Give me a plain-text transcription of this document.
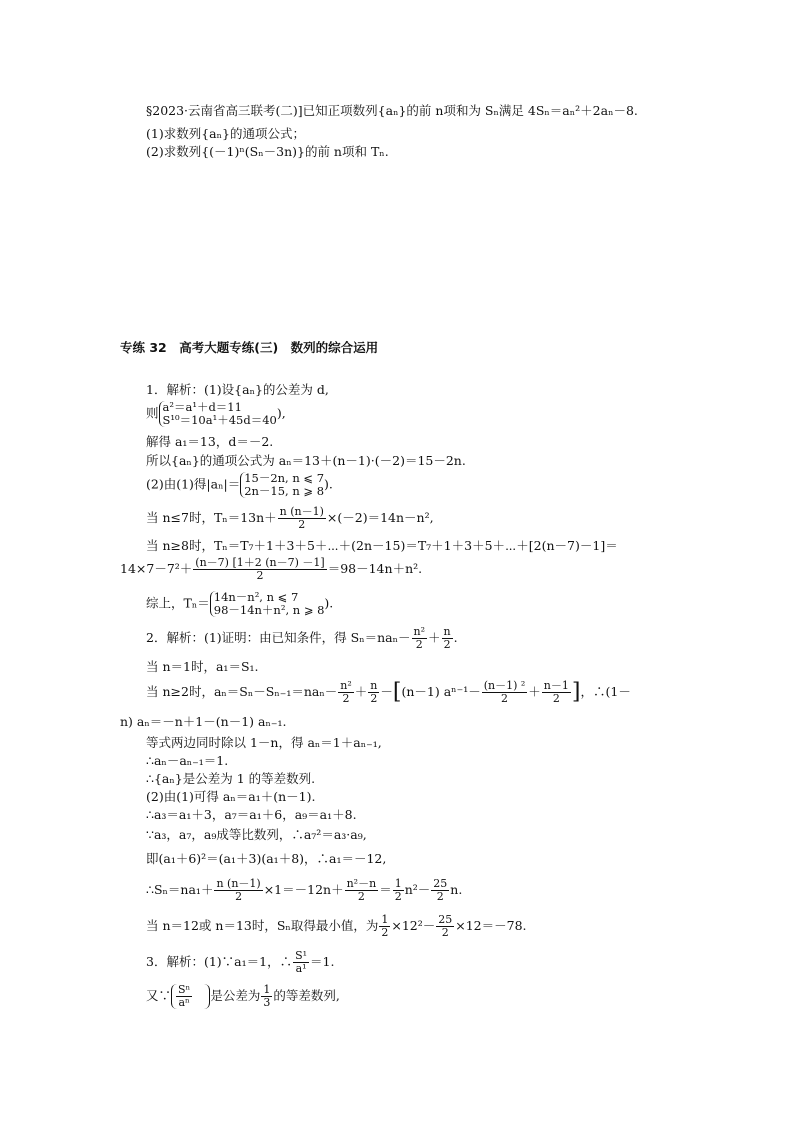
§2023·云南省高三联考(二)]已知正项数列{aₙ}的前 n项和为 Sₙ满足 4Sₙ＝aₙ²＋2aₙ－8.
(1)求数列{aₙ}的通项公式；
(2)求数列{(－1)ⁿ(Sₙ－3n)}的前 n项和 Tₙ.
专练 32　高考大题专练(三)　数列的综合运用
1．解析：(1)设{aₙ}的公差为 d,
则 a²＝a¹＋d＝11
S¹⁰＝10a¹＋45d＝40 ),
解得 a₁＝13，d＝－2.
所以{aₙ}的通项公式为 aₙ＝13＋(n－1)·(－2)＝15－2n.
(2)由(1)得|aₙ|＝ 15－2n, n ⩽ 7
2n－15, n ⩾ 8 ).
当 n≤7时，$T_n=13n+ \frac{n (n-1)}{2} \times(-2)=14n-n^2$,
当 n≥8时，Tₙ＝T₇＋1＋3＋5＋⋯＋(2n－15)＝T₇＋1＋3＋5＋⋯＋[2(n－7)－1]＝
$14\times 7-7^2+ \frac{(n-7) [1+2 (n-7) -1]}{2} =98-14n+n^2$.
综上，Tₙ＝ 14n－n², n ⩽ 7
98－14n＋n², n ⩾ 8 ).
2．解析：(1)证明：由已知条件，得 $S_n=na_n- \frac{\text{n²}}{2} + \frac{n}{2}$ .
当 n＝1时，a₁＝S₁.
当 n≥2时，$a_n=S_n-S_{n-1}=na_n- \frac{\text{n²}}{2} + \frac{n}{2} -[(n-1)$ $a^{n-1}- \frac{\text{(n－1) ²}}{2} + \frac{n-1}{2}$ ]，∴(1－
n) aₙ＝－n＋1－(n－1) aₙ₋₁.
等式两边同时除以 1－n，得 aₙ＝1＋aₙ₋₁,
∴aₙ－aₙ₋₁＝1.
∴{aₙ}是公差为 1 的等差数列.
(2)由(1)可得 aₙ＝a₁＋(n－1).
∴a₃＝a₁＋3，a₇＝a₁＋6，a₉＝a₁＋8.
∵a₃，a₇，a₉成等比数列，∴a₇²＝a₃·a₉,
即(a₁＋6)²＝(a₁＋3)(a₁＋8)，∴a₁＝－12,
∴Sₙ＝na₁＋ $\frac{n (n-1)}{2} \times 1=-12n+ \frac{\text{n²－n}}{2} = \frac{1}{2} n^2- \frac{25}{2} n$.
当 n＝12或 n＝13时，Sₙ取得最小值，为 $\frac{1}{2} \times 12^2- \frac{25}{2} \times 12=-78$.
3．解析：(1)∵a₁＝1，∴ $\frac{\text{S¹}}{\text{a¹}} =1$.
又∵ Sⁿ
aⁿ 是公差为 $\frac{1}{3}$ 的等差数列,
